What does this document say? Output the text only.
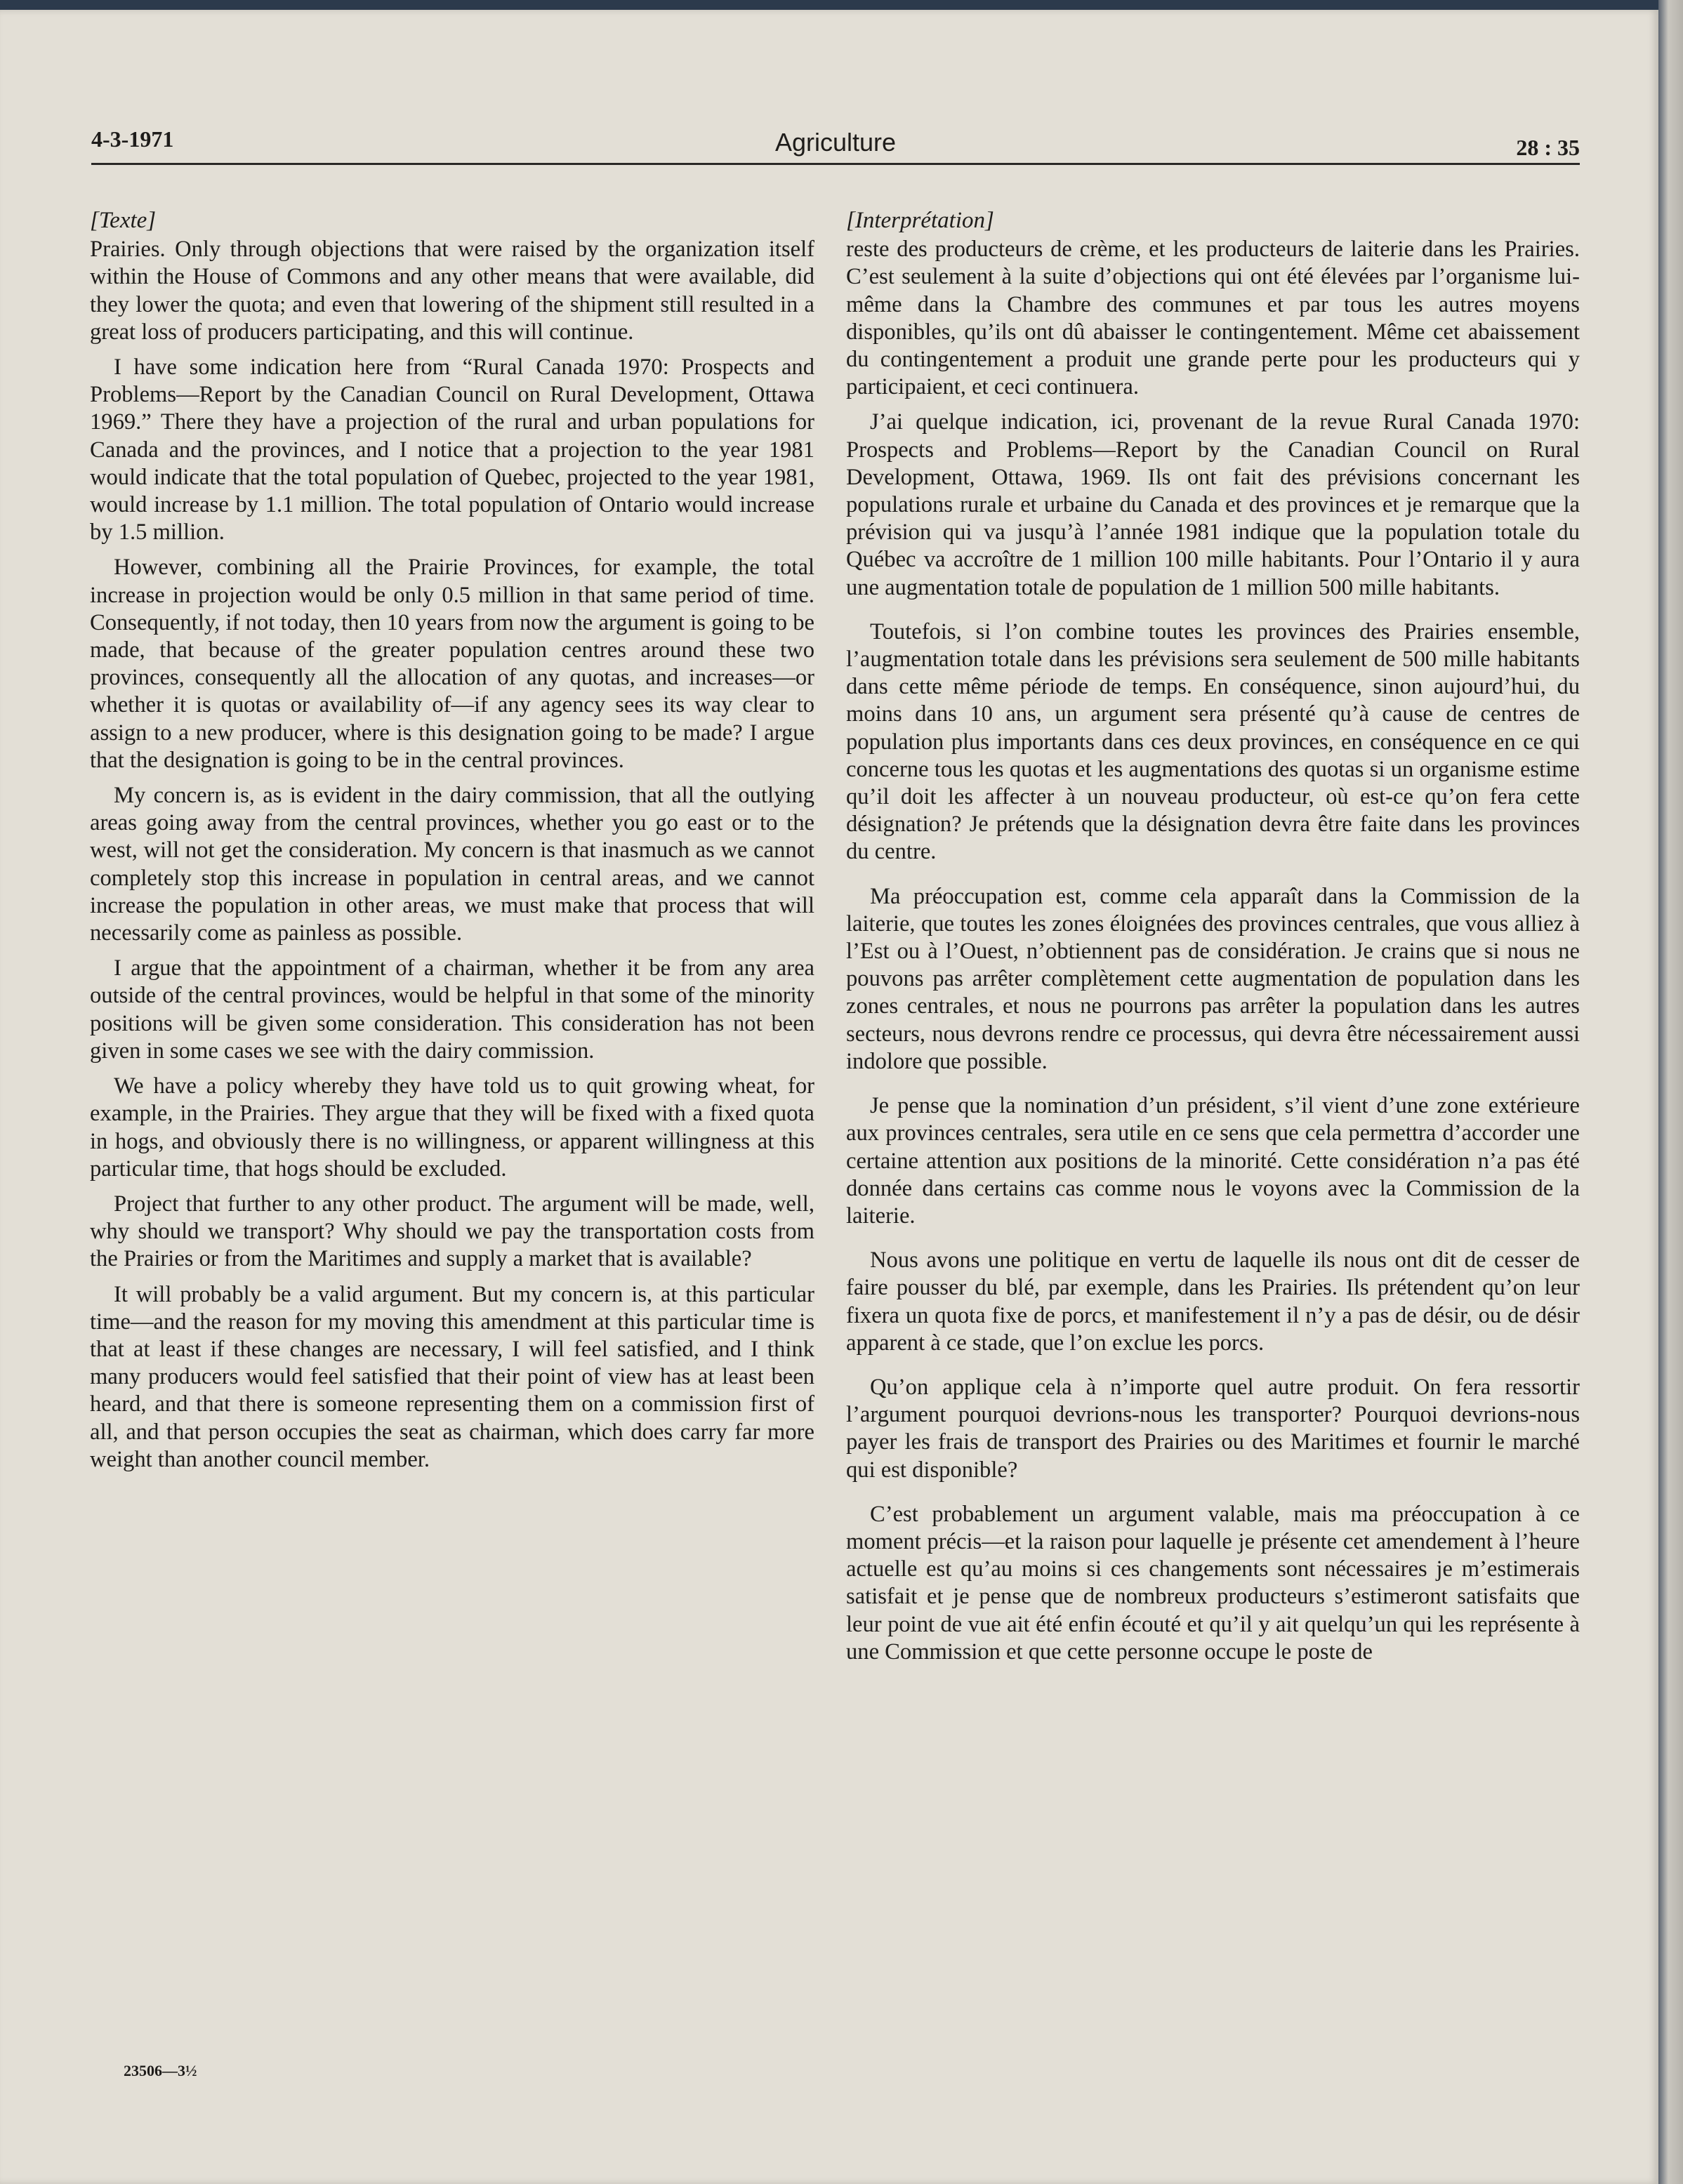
4-3-1971	Agriculture	28 : 35
[Texte]

Prairies. Only through objections that were raised by the organization itself within the House of Commons and any other means that were available, did they lower the quota; and even that lowering of the shipment still resulted in a great loss of producers participating, and this will continue.

I have some indication here from “Rural Canada 1970: Prospects and Problems—Report by the Canadian Council on Rural Development, Ottawa 1969.” There they have a projection of the rural and urban populations for Canada and the provinces, and I notice that a projection to the year 1981 would indicate that the total population of Quebec, projected to the year 1981, would increase by 1.1 million. The total population of Ontario would increase by 1.5 million.

However, combining all the Prairie Provinces, for example, the total increase in projection would be only 0.5 million in that same period of time. Consequently, if not today, then 10 years from now the argument is going to be made, that because of the greater population centres around these two provinces, consequently all the allocation of any quotas, and increases—or whether it is quotas or availability of—if any agency sees its way clear to assign to a new producer, where is this designation going to be made? I argue that the designation is going to be in the central provinces.

My concern is, as is evident in the dairy commission, that all the outlying areas going away from the central provinces, whether you go east or to the west, will not get the consideration. My concern is that inasmuch as we cannot completely stop this increase in population in central areas, and we cannot increase the population in other areas, we must make that process that will necessarily come as painless as possible.

I argue that the appointment of a chairman, whether it be from any area outside of the central provinces, would be helpful in that some of the minority positions will be given some consideration. This consideration has not been given in some cases we see with the dairy commission.

We have a policy whereby they have told us to quit growing wheat, for example, in the Prairies. They argue that they will be fixed with a fixed quota in hogs, and obviously there is no willingness, or apparent willingness at this particular time, that hogs should be excluded.

Project that further to any other product. The argument will be made, well, why should we transport? Why should we pay the transportation costs from the Prairies or from the Maritimes and supply a market that is available?

It will probably be a valid argument. But my concern is, at this particular time—and the reason for my moving this amendment at this particular time is that at least if these changes are necessary, I will feel satisfied, and I think many producers would feel satisfied that their point of view has at least been heard, and that there is someone representing them on a commission first of all, and that person occupies the seat as chairman, which does carry far more weight than another council member.

[Interprétation]

reste des producteurs de crème, et les producteurs de laiterie dans les Prairies. C’est seulement à la suite d’objections qui ont été élevées par l’organisme lui-même dans la Chambre des communes et par tous les autres moyens disponibles, qu’ils ont dû abaisser le contingentement. Même cet abaissement du contingentement a produit une grande perte pour les producteurs qui y participaient, et ceci continuera.

J’ai quelque indication, ici, provenant de la revue Rural Canada 1970: Prospects and Problems—Report by the Canadian Council on Rural Development, Ottawa, 1969. Ils ont fait des prévisions concernant les populations rurale et urbaine du Canada et des provinces et je remarque que la prévision qui va jusqu’à l’année 1981 indique que la population totale du Québec va accroître de 1 million 100 mille habitants. Pour l’Ontario il y aura une augmentation totale de population de 1 million 500 mille habitants.

Toutefois, si l’on combine toutes les provinces des Prairies ensemble, l’augmentation totale dans les prévisions sera seulement de 500 mille habitants dans cette même période de temps. En conséquence, sinon aujourd’hui, du moins dans 10 ans, un argument sera présenté qu’à cause de centres de population plus importants dans ces deux provinces, en conséquence en ce qui concerne tous les quotas et les augmentations des quotas si un organisme estime qu’il doit les affecter à un nouveau producteur, où est-ce qu’on fera cette désignation? Je prétends que la désignation devra être faite dans les provinces du centre.

Ma préoccupation est, comme cela apparaît dans la Commission de la laiterie, que toutes les zones éloignées des provinces centrales, que vous alliez à l’Est ou à l’Ouest, n’obtiennent pas de considération. Je crains que si nous ne pouvons pas arrêter complètement cette augmentation de population dans les zones centrales, et nous ne pourrons pas arrêter la population dans les autres secteurs, nous devrons rendre ce processus, qui devra être nécessairement aussi indolore que possible.

Je pense que la nomination d’un président, s’il vient d’une zone extérieure aux provinces centrales, sera utile en ce sens que cela permettra d’accorder une certaine attention aux positions de la minorité. Cette considération n’a pas été donnée dans certains cas comme nous le voyons avec la Commission de la laiterie.

Nous avons une politique en vertu de laquelle ils nous ont dit de cesser de faire pousser du blé, par exemple, dans les Prairies. Ils prétendent qu’on leur fixera un quota fixe de porcs, et manifestement il n’y a pas de désir, ou de désir apparent à ce stade, que l’on exclue les porcs.

Qu’on applique cela à n’importe quel autre produit. On fera ressortir l’argument pourquoi devrions-nous les transporter? Pourquoi devrions-nous payer les frais de transport des Prairies ou des Maritimes et fournir le marché qui est disponible?

C’est probablement un argument valable, mais ma préoccupation à ce moment précis—et la raison pour laquelle je présente cet amendement à l’heure actuelle est qu’au moins si ces changements sont nécessaires je m’estimerais satisfait et je pense que de nombreux producteurs s’estimeront satisfaits que leur point de vue ait été enfin écouté et qu’il y ait quelqu’un qui les représente à une Commission et que cette personne occupe le poste de

23506—3½
